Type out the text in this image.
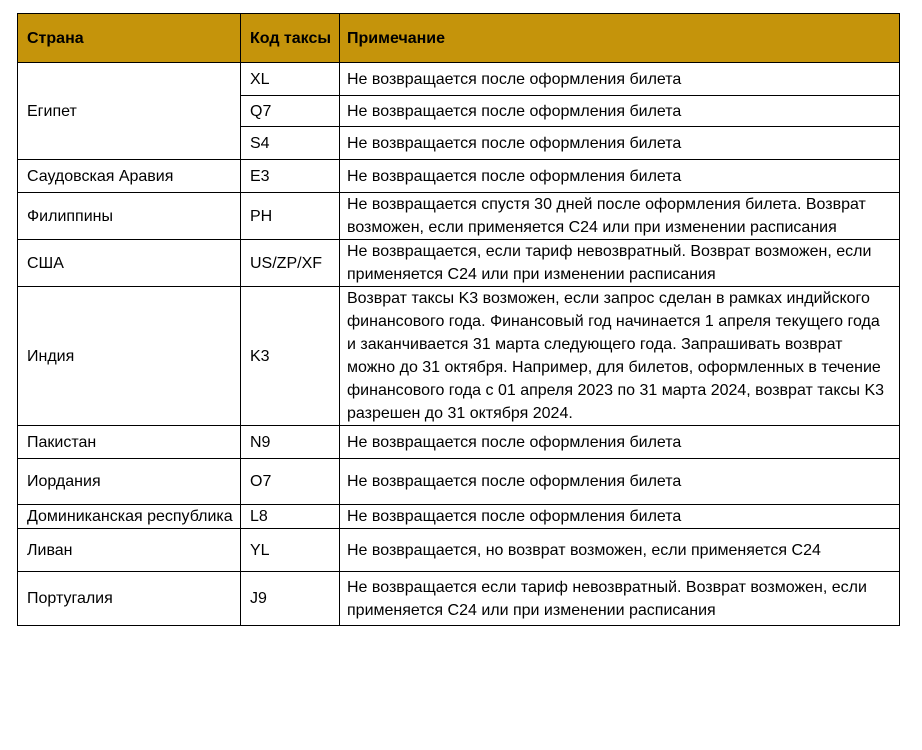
Страна	Код таксы	Примечание
Египет	XL	Не возвращается после оформления билета
	Q7	Не возвращается после оформления билета
	S4	Не возвращается после оформления билета
Саудовская Аравия	E3	Не возвращается после оформления билета
Филиппины	PH	Не возвращается спустя 30 дней после оформления билета. Возврат возможен, если применяется C24 или при изменении расписания
США	US/ZP/XF	Не возвращается, если тариф невозвратный. Возврат возможен, если применяется C24 или при изменении расписания
Индия	K3	Возврат таксы K3 возможен, если запрос сделан в рамках индийского финансового года. Финансовый год начинается 1 апреля текущего года и заканчивается 31 марта следующего года. Запрашивать возврат можно до 31 октября. Например, для билетов, оформленных в течение финансового года с 01 апреля 2023 по 31 марта 2024, возврат таксы K3 разрешен до 31 октября 2024.
Пакистан	N9	Не возвращается после оформления билета
Иордания	O7	Не возвращается после оформления билета
Доминиканская республика	L8	Не возвращается после оформления билета
Ливан	YL	Не возвращается, но возврат возможен, если применяется C24
Португалия	J9	Не возвращается если тариф невозвратный. Возврат возможен, если применяется C24 или при изменении расписания
